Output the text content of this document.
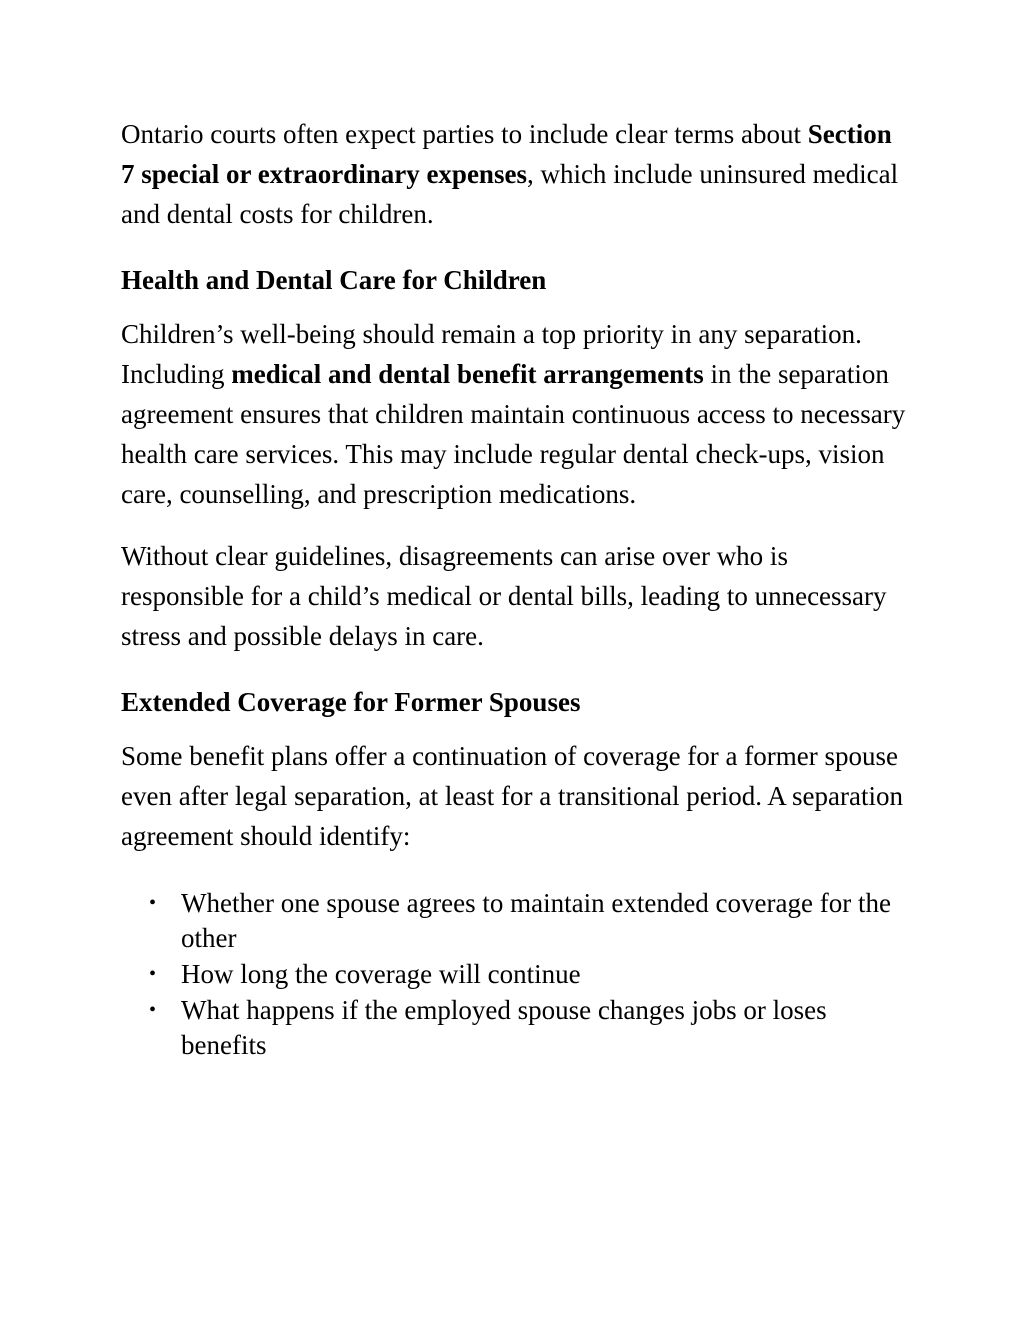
Ontario courts often expect parties to include clear terms about Section 7 special or extraordinary expenses, which include uninsured medical and dental costs for children.

Health and Dental Care for Children

Children’s well-being should remain a top priority in any separation. Including medical and dental benefit arrangements in the separation agreement ensures that children maintain continuous access to necessary health care services. This may include regular dental check-ups, vision care, counselling, and prescription medications.

Without clear guidelines, disagreements can arise over who is responsible for a child’s medical or dental bills, leading to unnecessary stress and possible delays in care.

Extended Coverage for Former Spouses

Some benefit plans offer a continuation of coverage for a former spouse even after legal separation, at least for a transitional period. A separation agreement should identify:

• Whether one spouse agrees to maintain extended coverage for the other
• How long the coverage will continue
• What happens if the employed spouse changes jobs or loses benefits
